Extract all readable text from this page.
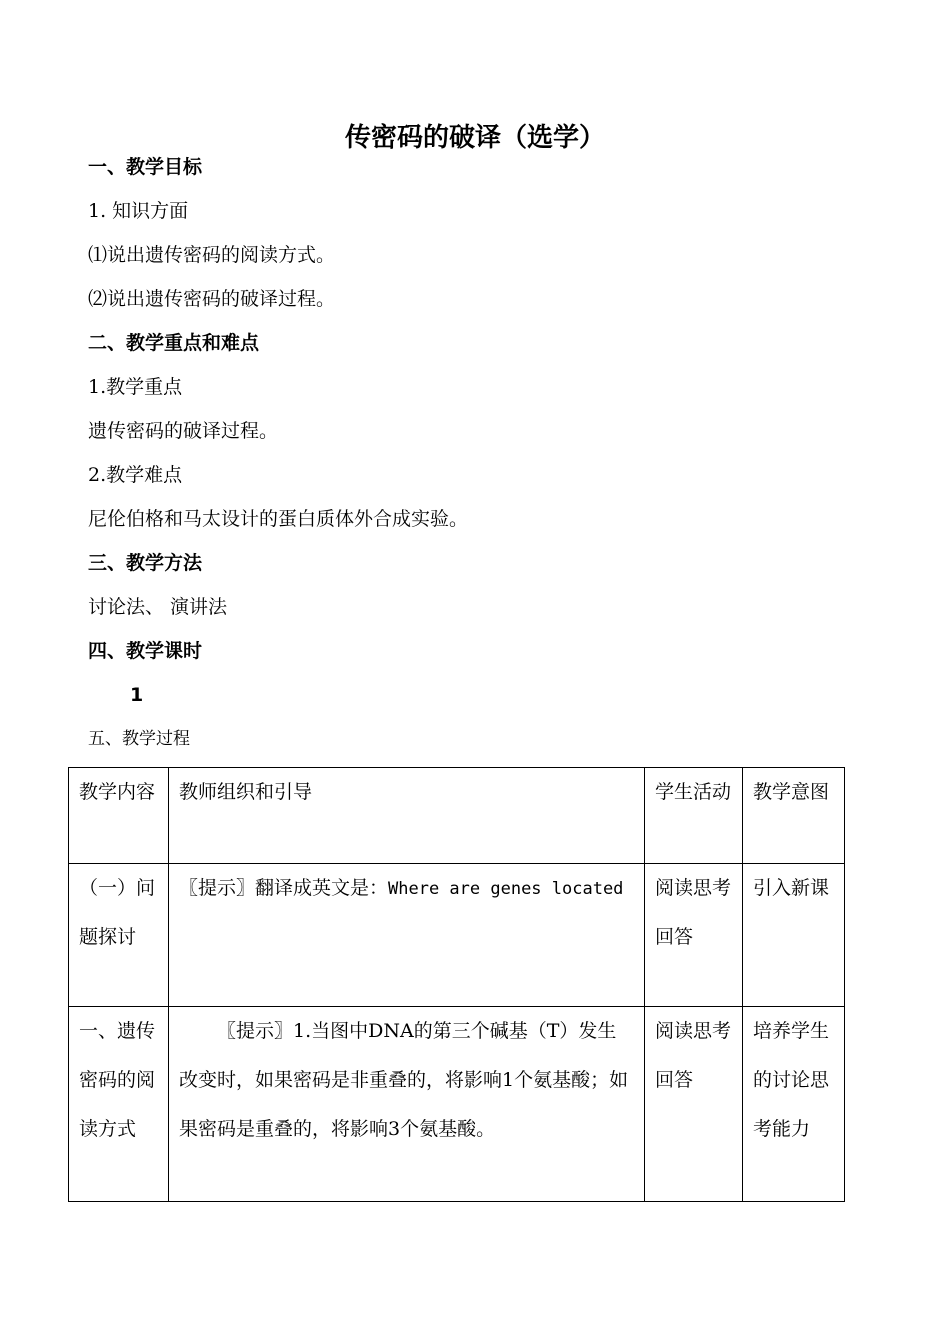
传密码的破译（选学）
一、教学目标
1. 知识方面
⑴说出遗传密码的阅读方式。
⑵说出遗传密码的破译过程。
二、教学重点和难点
1.教学重点
遗传密码的破译过程。
2.教学难点
尼伦伯格和马太设计的蛋白质体外合成实验。
三、教学方法
讨论法、 演讲法
四、教学课时
1
五、教学过程
教学内容	教师组织和引导	学生活动	教学意图
（一）问题探讨	〖提示〗翻译成英文是：Where are genes located	阅读思考回答	引入新课
一、遗传密码的阅读方式	〖提示〗1.当图中DNA的第三个碱基（T）发生改变时，如果密码是非重叠的，将影响1个氨基酸；如果密码是重叠的，将影响3个氨基酸。	阅读思考回答	培养学生的讨论思考能力
